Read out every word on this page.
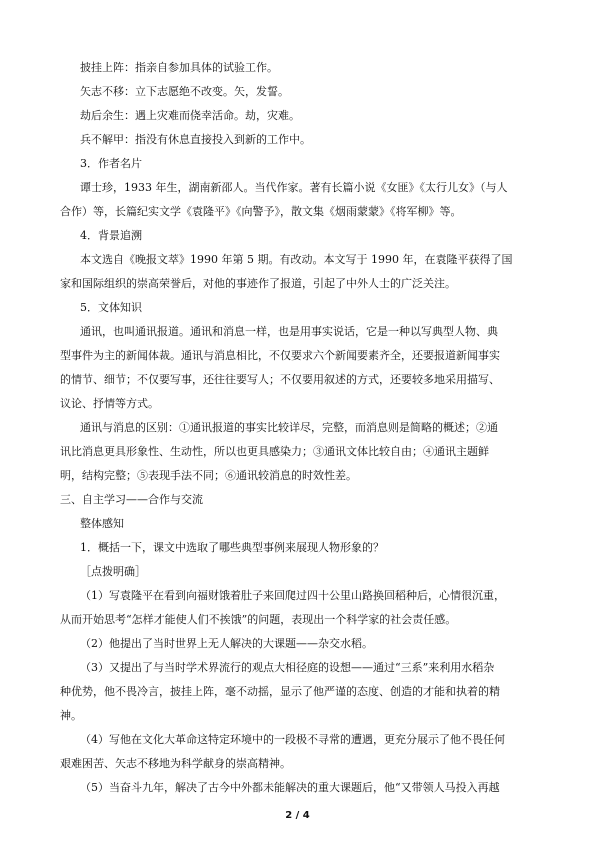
披挂上阵：指亲自参加具体的试验工作。
矢志不移：立下志愿绝不改变。矢，发誓。
劫后余生：遇上灾难而侥幸活命。劫，灾难。
兵不解甲：指没有休息直接投入到新的工作中。
3．作者名片
谭士珍，1933 年生，湖南新邵人。当代作家。著有长篇小说《女匪》《太行儿女》（与人
合作）等，长篇纪实文学《袁隆平》《向警予》，散文集《烟雨蒙蒙》《将军柳》等。
4．背景追溯
本文选自《晚报文萃》1990 年第 5 期。有改动。本文写于 1990 年，在袁隆平获得了国
家和国际组织的崇高荣誉后，对他的事迹作了报道，引起了中外人士的广泛关注。
5．文体知识
通讯，也叫通讯报道。通讯和消息一样，也是用事实说话，它是一种以写典型人物、典
型事件为主的新闻体裁。通讯与消息相比，不仅要求六个新闻要素齐全，还要报道新闻事实
的情节、细节；不仅要写事，还往往要写人；不仅要用叙述的方式，还要较多地采用描写、
议论、抒情等方式。
通讯与消息的区别：①通讯报道的事实比较详尽，完整，而消息则是简略的概述；②通
讯比消息更具形象性、生动性，所以也更具感染力；③通讯文体比较自由；④通讯主题鲜
明，结构完整；⑤表现手法不同；⑥通讯较消息的时效性差。
三、自主学习——合作与交流
整体感知
1．概括一下，课文中选取了哪些典型事例来展现人物形象的？
［点拨明确］
（1）写袁隆平在看到向福财饿着肚子来回爬过四十公里山路换回稻种后，心情很沉重，
从而开始思考“怎样才能使人们不挨饿”的问题，表现出一个科学家的社会责任感。
（2）他提出了当时世界上无人解决的大课题——杂交水稻。
（3）又提出了与当时学术界流行的观点大相径庭的设想——通过“三系”来利用水稻杂
种优势，他不畏冷言，披挂上阵，毫不动摇，显示了他严谨的态度、创造的才能和执着的精
神。
（4）写他在文化大革命这特定环境中的一段极不寻常的遭遇，更充分展示了他不畏任何
艰难困苦、矢志不移地为科学献身的崇高精神。
（5）当奋斗九年，解决了古今中外都未能解决的重大课题后，他“又带领人马投入再越
2 / 4
